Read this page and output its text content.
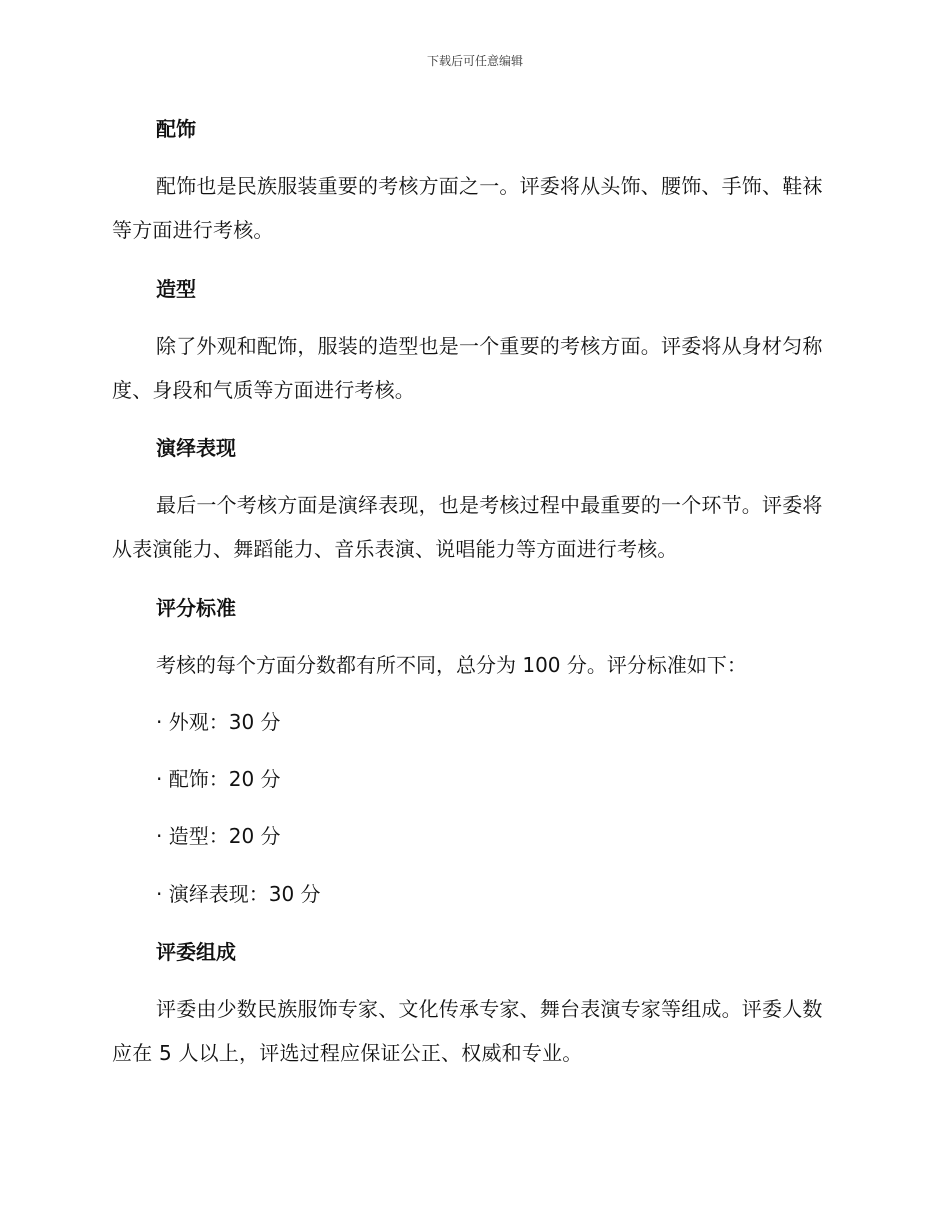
下载后可任意编辑
配饰
配饰也是民族服装重要的考核方面之一。评委将从头饰、腰饰、手饰、鞋袜等方面进行考核。
造型
除了外观和配饰，服装的造型也是一个重要的考核方面。评委将从身材匀称度、身段和气质等方面进行考核。
演绎表现
最后一个考核方面是演绎表现，也是考核过程中最重要的一个环节。评委将从表演能力、舞蹈能力、音乐表演、说唱能力等方面进行考核。
评分标准
考核的每个方面分数都有所不同，总分为 100 分。评分标准如下：
· 外观：30 分
· 配饰：20 分
· 造型：20 分
· 演绎表现：30 分
评委组成
评委由少数民族服饰专家、文化传承专家、舞台表演专家等组成。评委人数应在 5 人以上，评选过程应保证公正、权威和专业。
